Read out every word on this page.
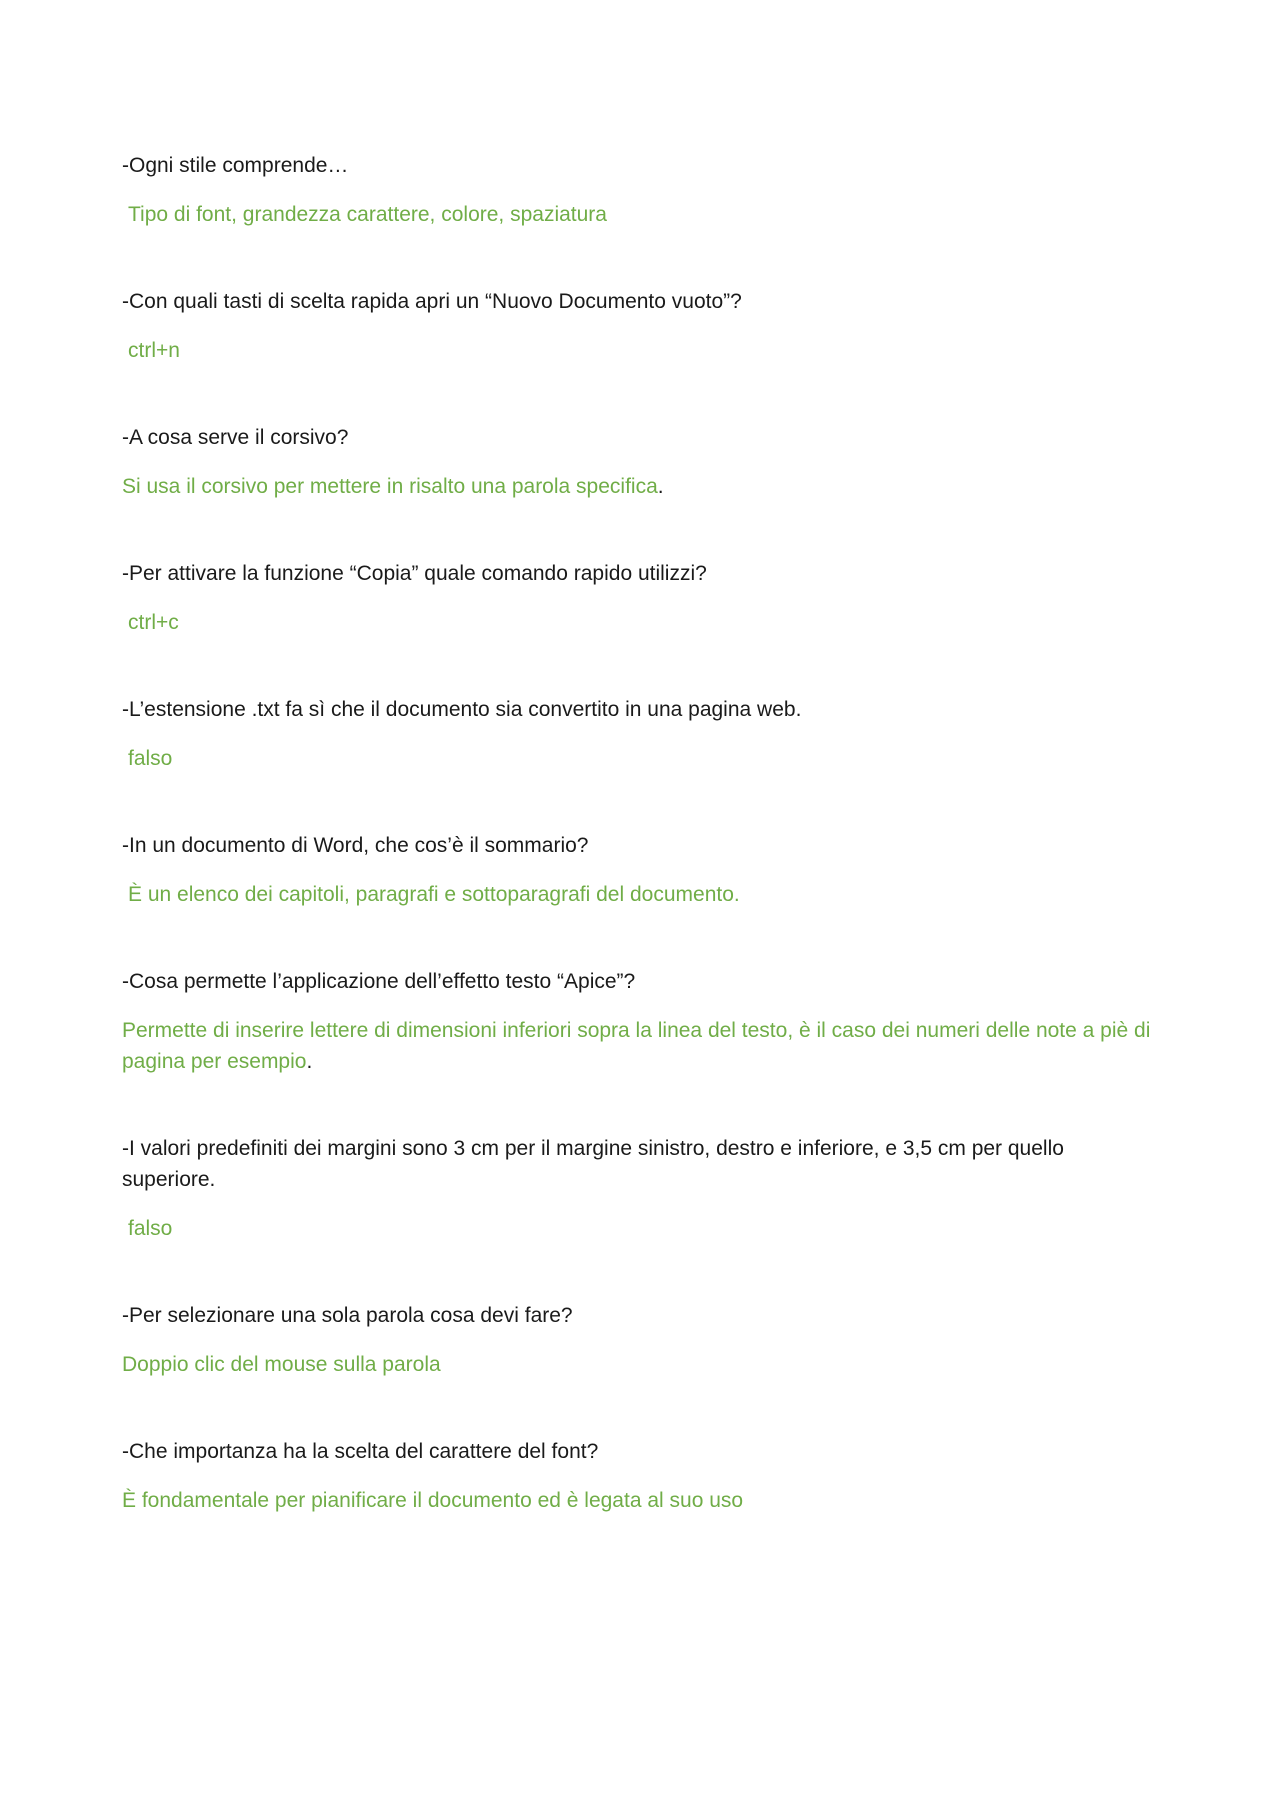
-Ogni stile comprende…

Tipo di font, grandezza carattere, colore, spaziatura

-Con quali tasti di scelta rapida apri un “Nuovo Documento vuoto”?

ctrl+n

-A cosa serve il corsivo?

Si usa il corsivo per mettere in risalto una parola specifica.

-Per attivare la funzione “Copia” quale comando rapido utilizzi?

ctrl+c

-L’estensione .txt fa sì che il documento sia convertito in una pagina web.

falso

-In un documento di Word, che cos’è il sommario?

È un elenco dei capitoli, paragrafi e sottoparagrafi del documento.

-Cosa permette l’applicazione dell’effetto testo “Apice”?

Permette di inserire lettere di dimensioni inferiori sopra la linea del testo, è il caso dei numeri delle note a piè di pagina per esempio.

-I valori predefiniti dei margini sono 3 cm per il margine sinistro, destro e inferiore, e 3,5 cm per quello superiore.

falso

-Per selezionare una sola parola cosa devi fare?

Doppio clic del mouse sulla parola

-Che importanza ha la scelta del carattere del font?

È fondamentale per pianificare il documento ed è legata al suo uso
